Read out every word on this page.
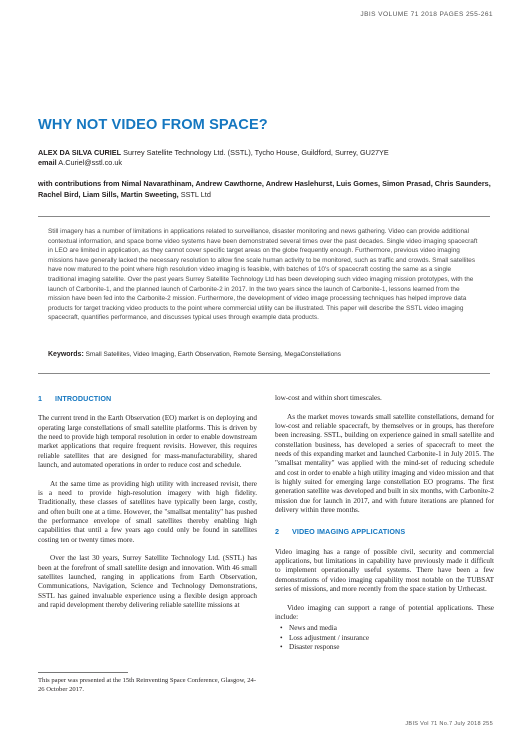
JBIS VOLUME 71 2018 PAGES 255-261
WHY NOT VIDEO FROM SPACE?
ALEX DA SILVA CURIEL Surrey Satellite Technology Ltd. (SSTL), Tycho House, Guildford, Surrey, GU27YE
email A.Curiel@sstl.co.uk
with contributions from Nimal Navarathinam, Andrew Cawthorne, Andrew Haslehurst, Luis Gomes, Simon Prasad, Chris Saunders, Rachel Bird, Liam Sills, Martin Sweeting, SSTL Ltd
Still imagery has a number of limitations in applications related to surveillance, disaster monitoring and news gathering. Video can provide additional contextual information, and space borne video systems have been demonstrated several times over the past decades. Single video imaging spacecraft in LEO are limited in application, as they cannot cover specific target areas on the globe frequently enough. Furthermore, previous video imaging missions have generally lacked the necessary resolution to allow fine scale human activity to be monitored, such as traffic and crowds. Small satellites have now matured to the point where high resolution video imaging is feasible, with batches of 10's of spacecraft costing the same as a single traditional imaging satellite. Over the past years Surrey Satellite Technology Ltd has been developing such video imaging mission prototypes, with the launch of Carbonite-1, and the planned launch of Carbonite-2 in 2017. In the two years since the launch of Carbonite-1, lessons learned from the mission have been fed into the Carbonite-2 mission. Furthermore, the development of video image processing techniques has helped improve data products for target tracking video products to the point where commercial utility can be illustrated. This paper will describe the SSTL video imaging spacecraft, quantifies performance, and discusses typical uses through example data products.
Keywords: Small Satellites, Video Imaging, Earth Observation, Remote Sensing, MegaConstellations
1 INTRODUCTION

The current trend in the Earth Observation (EO) market is on deploying and operating large constellations of small satellite platforms. This is driven by the need to provide high temporal resolution in order to enable downstream market applications that require frequent revisits. However, this requires reliable satellites that are designed for mass-manufacturability, shared launch, and automated operations in order to reduce cost and schedule.

At the same time as providing high utility with increased revisit, there is a need to provide high-resolution imagery with high fidelity. Traditionally, these classes of satellites have typically been large, costly, and often built one at a time. However, the "smallsat mentality" has pushed the performance envelope of small satellites thereby enabling high capabilities that until a few years ago could only be found in satellites costing ten or twenty times more.

Over the last 30 years, Surrey Satellite Technology Ltd. (SSTL) has been at the forefront of small satellite design and innovation. With 46 small satellites launched, ranging in applications from Earth Observation, Communications, Navigation, Science and Technology Demonstrations, SSTL has gained invaluable experience using a flexible design approach and rapid development thereby delivering reliable satellite missions at

low-cost and within short timescales.

As the market moves towards small satellite constellations, demand for low-cost and reliable spacecraft, by themselves or in groups, has therefore been increasing. SSTL, building on experience gained in small satellite and constellation business, has developed a series of spacecraft to meet the needs of this expanding market and launched Carbonite-1 in July 2015. The "smallsat mentality" was applied with the mind-set of reducing schedule and cost in order to enable a high utility imaging and video mission and that is highly suited for emerging large constellation EO programs. The first generation satellite was developed and built in six months, with Carbonite-2 mission due for launch in 2017, and with future iterations are planned for delivery within three months.

2 VIDEO IMAGING APPLICATIONS

Video imaging has a range of possible civil, security and commercial applications, but limitations in capability have previously made it difficult to implement operationally useful systems. There have been a few demonstrations of video imaging capability most notable on the TUBSAT series of missions, and more recently from the space station by Urthecast.

Video imaging can support a range of potential applications. These include:

• News and media
• Loss adjustment / insurance
• Disaster response
This paper was presented at the 15th Reinventing Space Conference, Glasgow, 24-26 October 2017.
JBIS Vol 71 No.7 July 2018 255
